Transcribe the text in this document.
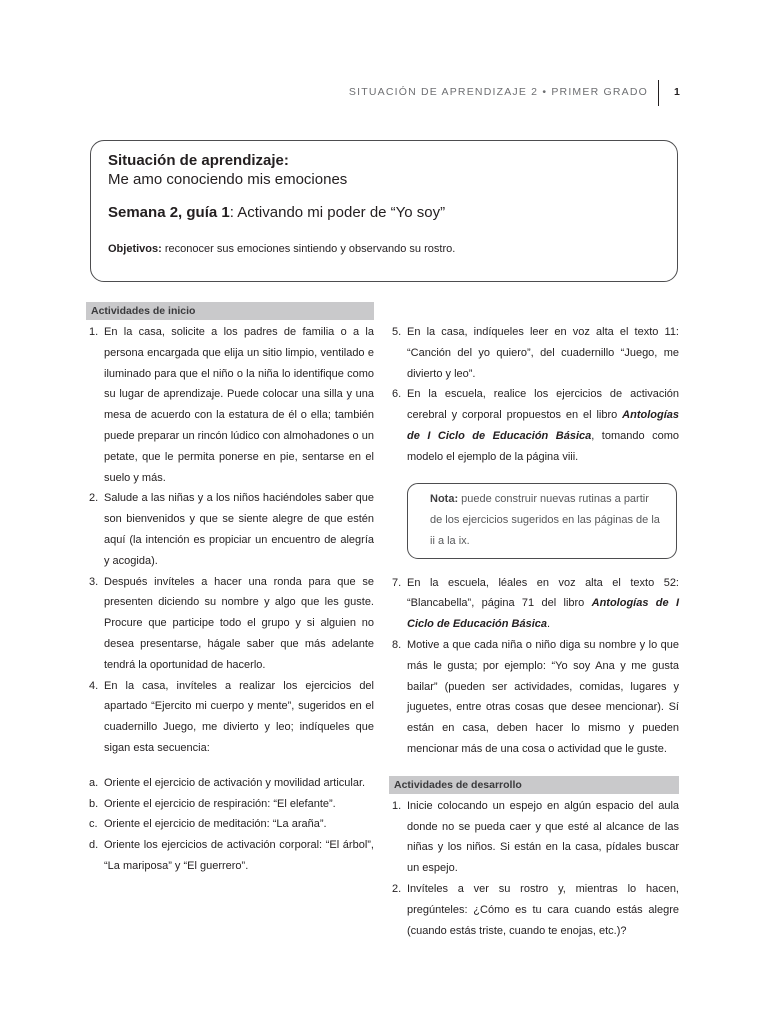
SITUACIÓN DE APRENDIZAJE 2 • PRIMER GRADO 1
Situación de aprendizaje:
Me amo conociendo mis emociones
Semana 2, guía 1: Activando mi poder de “Yo soy”
Objetivos: reconocer sus emociones sintiendo y observando su rostro.
Actividades de inicio
1. En la casa, solicite a los padres de familia o a la persona encargada que elija un sitio limpio, ventilado e iluminado para que el niño o la niña lo identifique como su lugar de aprendizaje. Puede colocar una silla y una mesa de acuerdo con la estatura de él o ella; también puede preparar un rincón lúdico con almohadones o un petate, que le permita ponerse en pie, sentarse en el suelo y más.
2. Salude a las niñas y a los niños haciéndoles saber que son bienvenidos y que se siente alegre de que estén aquí (la intención es propiciar un encuentro de alegría y acogida).
3. Después invíteles a hacer una ronda para que se presenten diciendo su nombre y algo que les guste. Procure que participe todo el grupo y si alguien no desea presentarse, hágale saber que más adelante tendrá la oportunidad de hacerlo.
4. En la casa, invíteles a realizar los ejercicios del apartado “Ejercito mi cuerpo y mente”, sugeridos en el cuadernillo Juego, me divierto y leo; indíqueles que sigan esta secuencia:
a. Oriente el ejercicio de activación y movilidad articular.
b. Oriente el ejercicio de respiración: “El elefante”.
c. Oriente el ejercicio de meditación: “La araña”.
d. Oriente los ejercicios de activación corporal: “El árbol”, “La mariposa” y “El guerrero”.
5. En la casa, indíqueles leer en voz alta el texto 11: “Canción del yo quiero”, del cuadernillo “Juego, me divierto y leo”.
6. En la escuela, realice los ejercicios de activación cerebral y corporal propuestos en el libro Antologías de I Ciclo de Educación Básica, tomando como modelo el ejemplo de la página viii.
Nota: puede construir nuevas rutinas a partir de los ejercicios sugeridos en las páginas de la ii a la ix.
7. En la escuela, léales en voz alta el texto 52: “Blancabella”, página 71 del libro Antologías de I Ciclo de Educación Básica.
8. Motive a que cada niña o niño diga su nombre y lo que más le gusta; por ejemplo: “Yo soy Ana y me gusta bailar” (pueden ser actividades, comidas, lugares y juguetes, entre otras cosas que desee mencionar). Sí están en casa, deben hacer lo mismo y pueden mencionar más de una cosa o actividad que le guste.
Actividades de desarrollo
1. Inicie colocando un espejo en algún espacio del aula donde no se pueda caer y que esté al alcance de las niñas y los niños. Si están en la casa, pídales buscar un espejo.
2. Invíteles a ver su rostro y, mientras lo hacen, pregúnteles: ¿Cómo es tu cara cuando estás alegre (cuando estás triste, cuando te enojas, etc.)?
